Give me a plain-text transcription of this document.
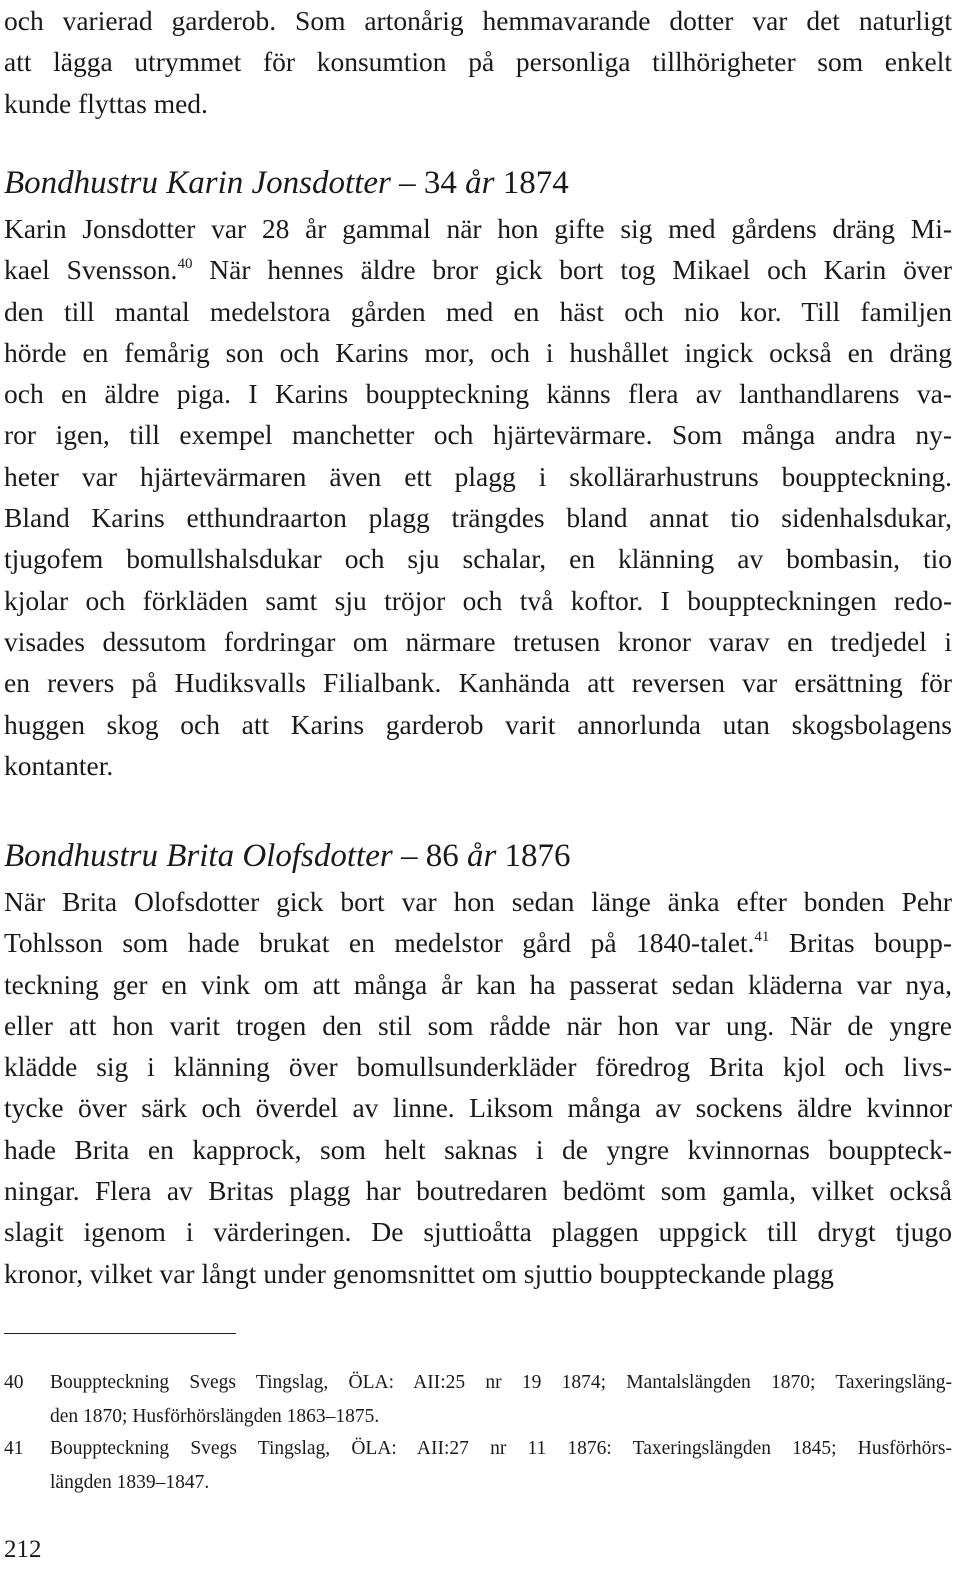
och varierad garderob. Som artonårig hemmavarande dotter var det naturligt
att lägga utrymmet för konsumtion på personliga tillhörigheter som enkelt
kunde flyttas med.

Bondhustru Karin Jonsdotter – 34 år 1874

Karin Jonsdotter var 28 år gammal när hon gifte sig med gårdens dräng Mi-
kael Svensson.$^{40}$ När hennes äldre bror gick bort tog Mikael och Karin över
den till mantal medelstora gården med en häst och nio kor. Till familjen
hörde en femårig son och Karins mor, och i hushållet ingick också en dräng
och en äldre piga. I Karins bouppteckning känns flera av lanthandlarens va-
ror igen, till exempel manchetter och hjärtevärmare. Som många andra ny-
heter var hjärtevärmaren även ett plagg i skollärarhustruns bouppteckning.
Bland Karins etthundraarton plagg trängdes bland annat tio sidenhalsdukar,
tjugofem bomullshalsdukar och sju schalar, en klänning av bombasin, tio
kjolar och förkläden samt sju tröjor och två koftor. I bouppteckningen redo-
visades dessutom fordringar om närmare tretusen kronor varav en tredjedel i
en revers på Hudiksvalls Filialbank. Kanhända att reversen var ersättning för
huggen skog och att Karins garderob varit annorlunda utan skogsbolagens
kontanter.

Bondhustru Brita Olofsdotter – 86 år 1876

När Brita Olofsdotter gick bort var hon sedan länge änka efter bonden Pehr
Tohlsson som hade brukat en medelstor gård på 1840-talet.$^{41}$ Britas boupp-
teckning ger en vink om att många år kan ha passerat sedan kläderna var nya,
eller att hon varit trogen den stil som rådde när hon var ung. När de yngre
klädde sig i klänning över bomullsunderkläder föredrog Brita kjol och livs-
tycke över särk och överdel av linne. Liksom många av sockens äldre kvinnor
hade Brita en kapprock, som helt saknas i de yngre kvinnornas bouppteck-
ningar. Flera av Britas plagg har boutredaren bedömt som gamla, vilket också
slagit igenom i värderingen. De sjuttioåtta plaggen uppgick till drygt tjugo
kronor, vilket var långt under genomsnittet om sjuttio bouppteckande plagg

40 Bouppteckning Svegs Tingslag, ÖLA: AII:25 nr 19 1874; Mantalslängden 1870; Taxeringsläng-
den 1870; Husförhörslängden 1863–1875.
41 Bouppteckning Svegs Tingslag, ÖLA: AII:27 nr 11 1876: Taxeringslängden 1845; Husförhörs-
längden 1839–1847.
212
